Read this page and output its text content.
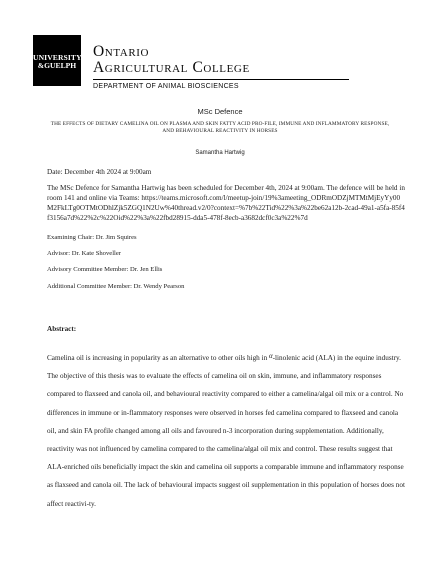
UNIVERSITY
&GUELPH
Ontario
Agricultural College
DEPARTMENT OF ANIMAL BIOSCIENCES
MSc Defence
THE EFFECTS OF DIETARY CAMELINA OIL ON PLASMA AND SKIN FATTY ACID PRO-FILE, IMMUNE AND INFLAMMATORY RESPONSE, AND BEHAVIOURAL REACTIVITY IN HORSES
Samantha Hartwig
Date: December 4th 2024 at 9:00am
The MSc Defence for Samantha Hartwig has been scheduled for December 4th, 2024 at 9:00am. The defence will be held in room 141 and online via Teams: https://teams.microsoft.com/l/meetup-join/19%3ameeting_ODRmODZjMTMtMjEyYy00M2FkLTg0OTMtODhlZjk5ZGQ1N2Uw%40thread.v2/0?context=%7b%22Tid%22%3a%22be62a12b-2cad-49a1-a5fa-85f4f3156a7d%22%2c%22Oid%22%3a%22fbd28915-dda5-478f-8ecb-a3682dcf0c3a%22%7d
Examining Chair: Dr. Jim Squires
Advisor: Dr. Kate Shoveller
Advisory Committee Member: Dr. Jen Ellis
Additional Committee Member: Dr. Wendy Pearson
Abstract:
Camelina oil is increasing in popularity as an alternative to other oils high in α-linolenic acid (ALA) in the equine industry. The objective of this thesis was to evaluate the effects of camelina oil on skin, immune, and inflammatory responses compared to flaxseed and canola oil, and behavioural reactivity compared to either a camelina/algal oil mix or a control. No differences in immune or in-flammatory responses were observed in horses fed camelina compared to flaxseed and canola oil, and skin FA profile changed among all oils and favoured n-3 incorporation during supplementation. Additionally, reactivity was not influenced by camelina compared to the camelina/algal oil mix and control. These results suggest that ALA-enriched oils beneficially impact the skin and camelina oil supports a comparable immune and inflammatory response as flaxseed and canola oil. The lack of behavioural impacts suggest oil supplementation in this population of horses does not affect reactivi-ty.
